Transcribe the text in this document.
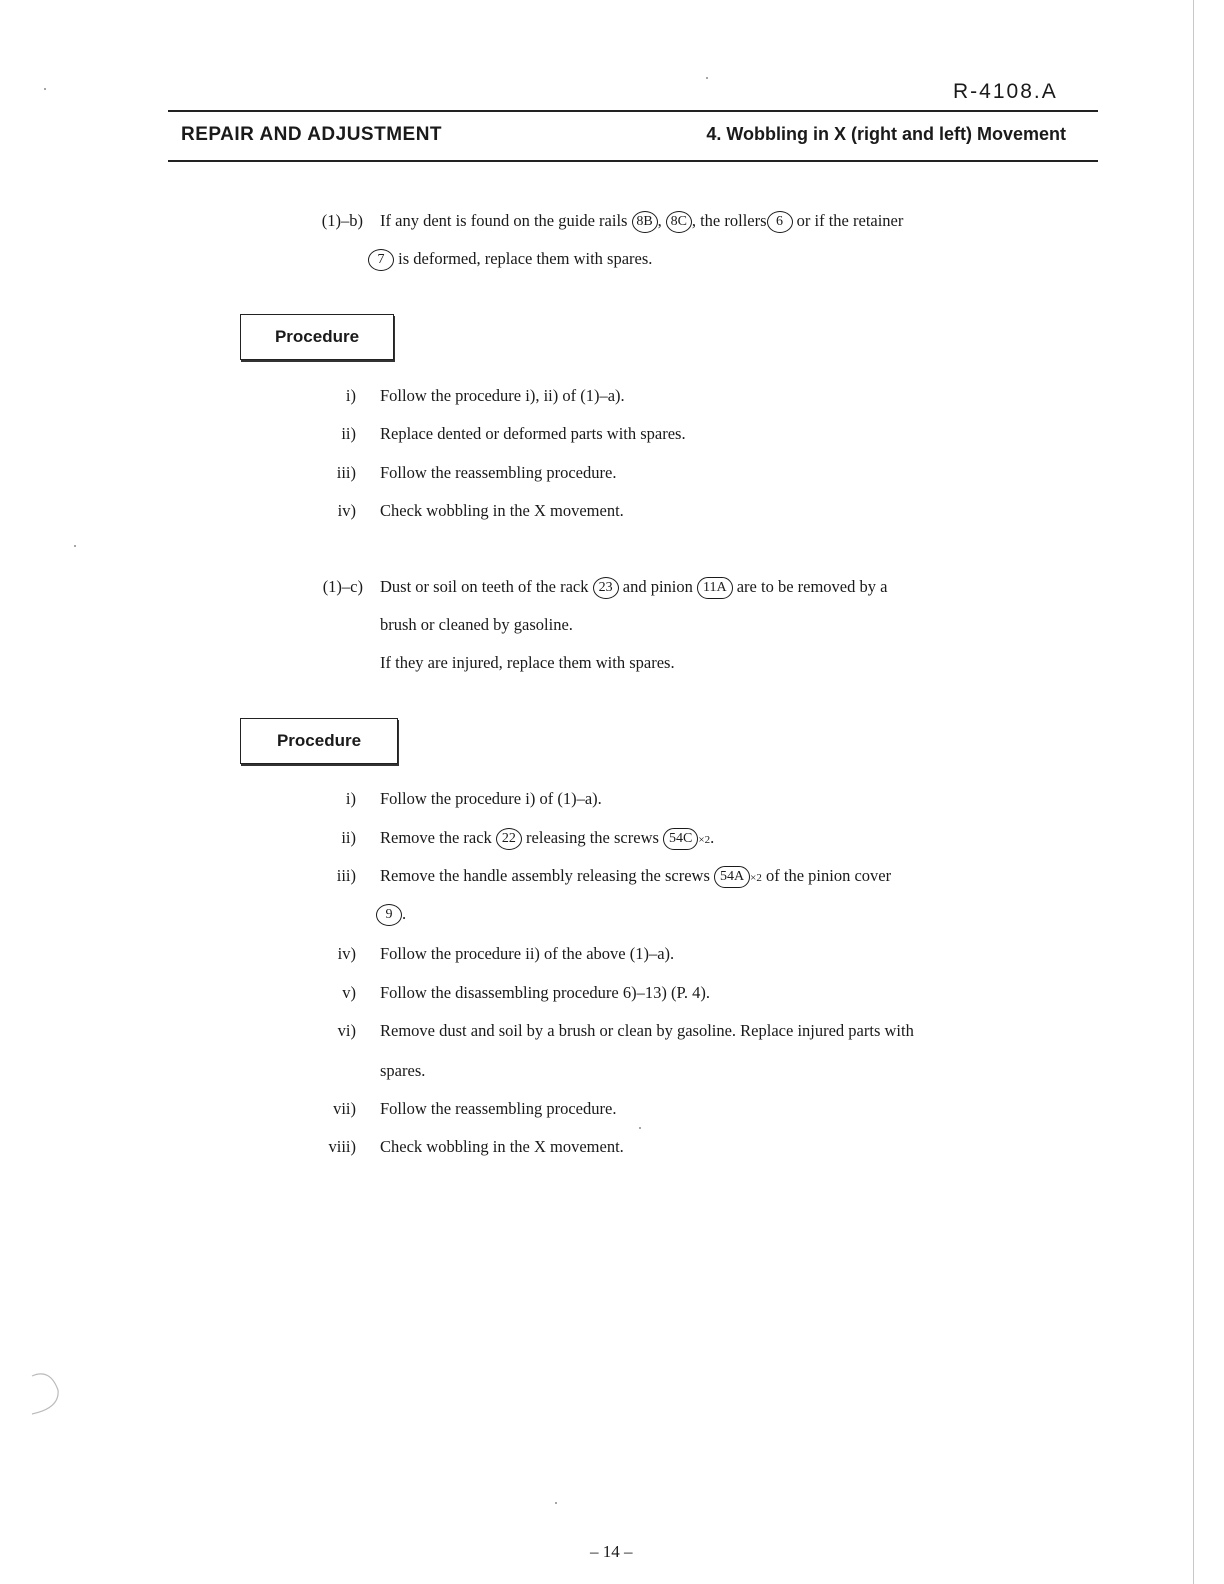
R-4108.A
REPAIR AND ADJUSTMENT	4. Wobbling in X (right and left) Movement
(1)–b) If any dent is found on the guide rails 8B , 8C , the rollers 6 or if the retainer
7 is deformed, replace them with spares.
Procedure
i) Follow the procedure i), ii) of (1)–a).
ii) Replace dented or deformed parts with spares.
iii) Follow the reassembling procedure.
iv) Check wobbling in the X movement.
(1)–c) Dust or soil on teeth of the rack 23 and pinion 11A are to be removed by a
brush or cleaned by gasoline.
If they are injured, replace them with spares.
Procedure
i) Follow the procedure i) of (1)–a).
ii) Remove the rack 22 releasing the screws 54C ×2.
iii) Remove the handle assembly releasing the screws 54A ×2 of the pinion cover
9 .
iv) Follow the procedure ii) of the above (1)–a).
v) Follow the disassembling procedure 6)–13) (P. 4).
vi) Remove dust and soil by a brush or clean by gasoline. Replace injured parts with
spares.
vii) Follow the reassembling procedure.
viii) Check wobbling in the X movement.
– 14 –
